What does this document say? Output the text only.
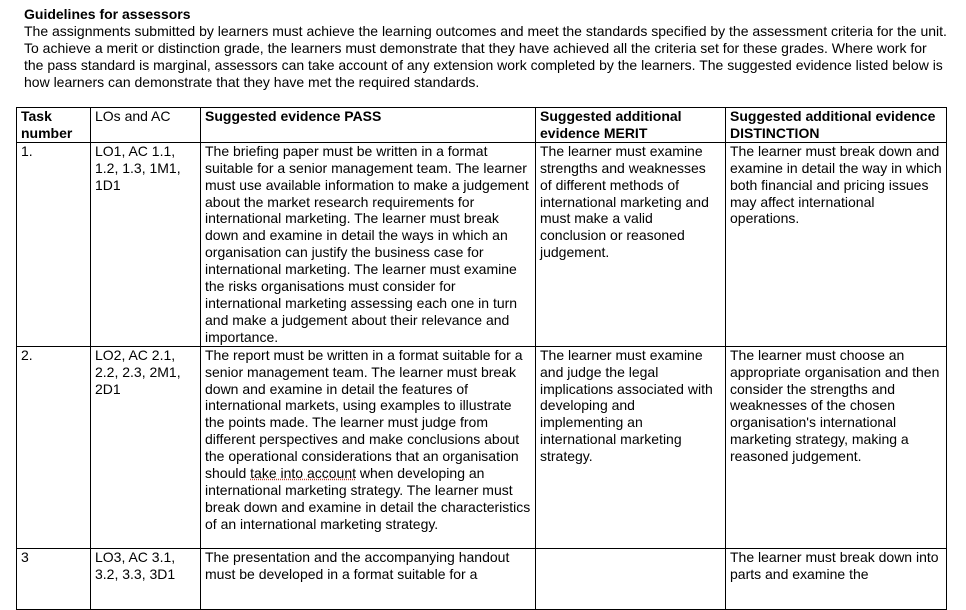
Guidelines for assessors
The assignments submitted by learners must achieve the learning outcomes and meet the standards specified by the assessment criteria for the unit. To achieve a merit or distinction grade, the learners must demonstrate that they have achieved all the criteria set for these grades. Where work for the pass standard is marginal, assessors can take account of any extension work completed by the learners. The suggested evidence listed below is how learners can demonstrate that they have met the required standards.
Task number	LOs and AC	Suggested evidence PASS	Suggested additional evidence MERIT	Suggested additional evidence DISTINCTION
1.	LO1, AC 1.1, 1.2, 1.3, 1M1, 1D1	The briefing paper must be written in a format suitable for a senior management team. The learner must use available information to make a judgement about the market research requirements for international marketing. The learner must break down and examine in detail the ways in which an organisation can justify the business case for international marketing. The learner must examine the risks organisations must consider for international marketing assessing each one in turn and make a judgement about their relevance and importance.	The learner must examine strengths and weaknesses of different methods of international marketing and must make a valid conclusion or reasoned judgement.	The learner must break down and examine in detail the way in which both financial and pricing issues may affect international operations.
2.	LO2, AC 2.1, 2.2, 2.3, 2M1, 2D1	The report must be written in a format suitable for a senior management team. The learner must break down and examine in detail the features of international markets, using examples to illustrate the points made. The learner must judge from different perspectives and make conclusions about the operational considerations that an organisation should take into account when developing an international marketing strategy. The learner must break down and examine in detail the characteristics of an international marketing strategy.	The learner must examine and judge the legal implications associated with developing and implementing an international marketing strategy.	The learner must choose an appropriate organisation and then consider the strengths and weaknesses of the chosen organisation's international marketing strategy, making a reasoned judgement.
3	LO3, AC 3.1, 3.2, 3.3, 3D1	The presentation and the accompanying handout must be developed in a format suitable for a		The learner must break down into parts and examine the
